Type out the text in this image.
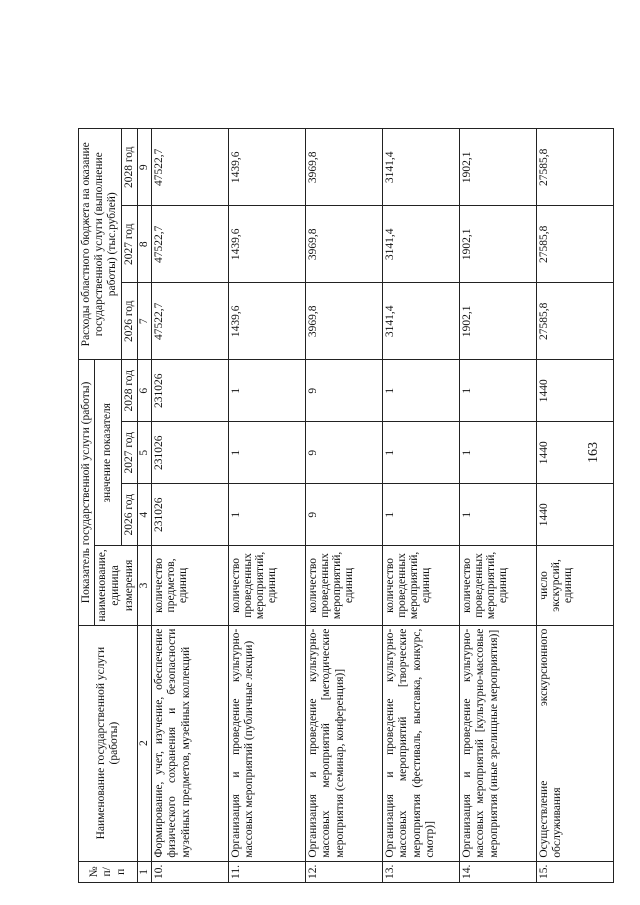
163
№ п/п	Наименование государственной услуги (работы)	Показатель государственной услуги (работы)				Расходы областного бюджета на оказание государственной услуги (выполнение работы) (тыс.рублей)		
		наименование, единица измерения	значение показателя					
			2026 год	2027 год	2028 год	2026 год	2027 год	2028 год
1	2	3	4	5	6	7	8	9
10.	Формирование, учет, изучение, обеспечение физического сохранения и безопасности музейных предметов, музейных коллекций	количество предметов, единиц	231026	231026	231026	47522,7	47522,7	47522,7
11.	Организация и проведение культурно-массовых мероприятий (публичные лекции)	количество проведенных мероприятий, единиц	1	1	1	1439,6	1439,6	1439,6
12.	Организация и проведение культурно-массовых мероприятий [методические мероприятия (семинар, конференция)]	количество проведенных мероприятий, единиц	9	9	9	3969,8	3969,8	3969,8
13.	Организация и проведение культурно-массовых мероприятий [творческие мероприятия (фестиваль, выставка, конкурс, смотр)]	количество проведенных мероприятий, единиц	1	1	1	3141,4	3141,4	3141,4
14.	Организация и проведение культурно-массовых мероприятий [культурно-массовые мероприятия (иные зрелищные мероприятия)]	количество проведенных мероприятий, единиц	1	1	1	1902,1	1902,1	1902,1
15.	Осуществление экскурсионного обслуживания	число экскурсий, единиц	1440	1440	1440	27585,8	27585,8	27585,8
